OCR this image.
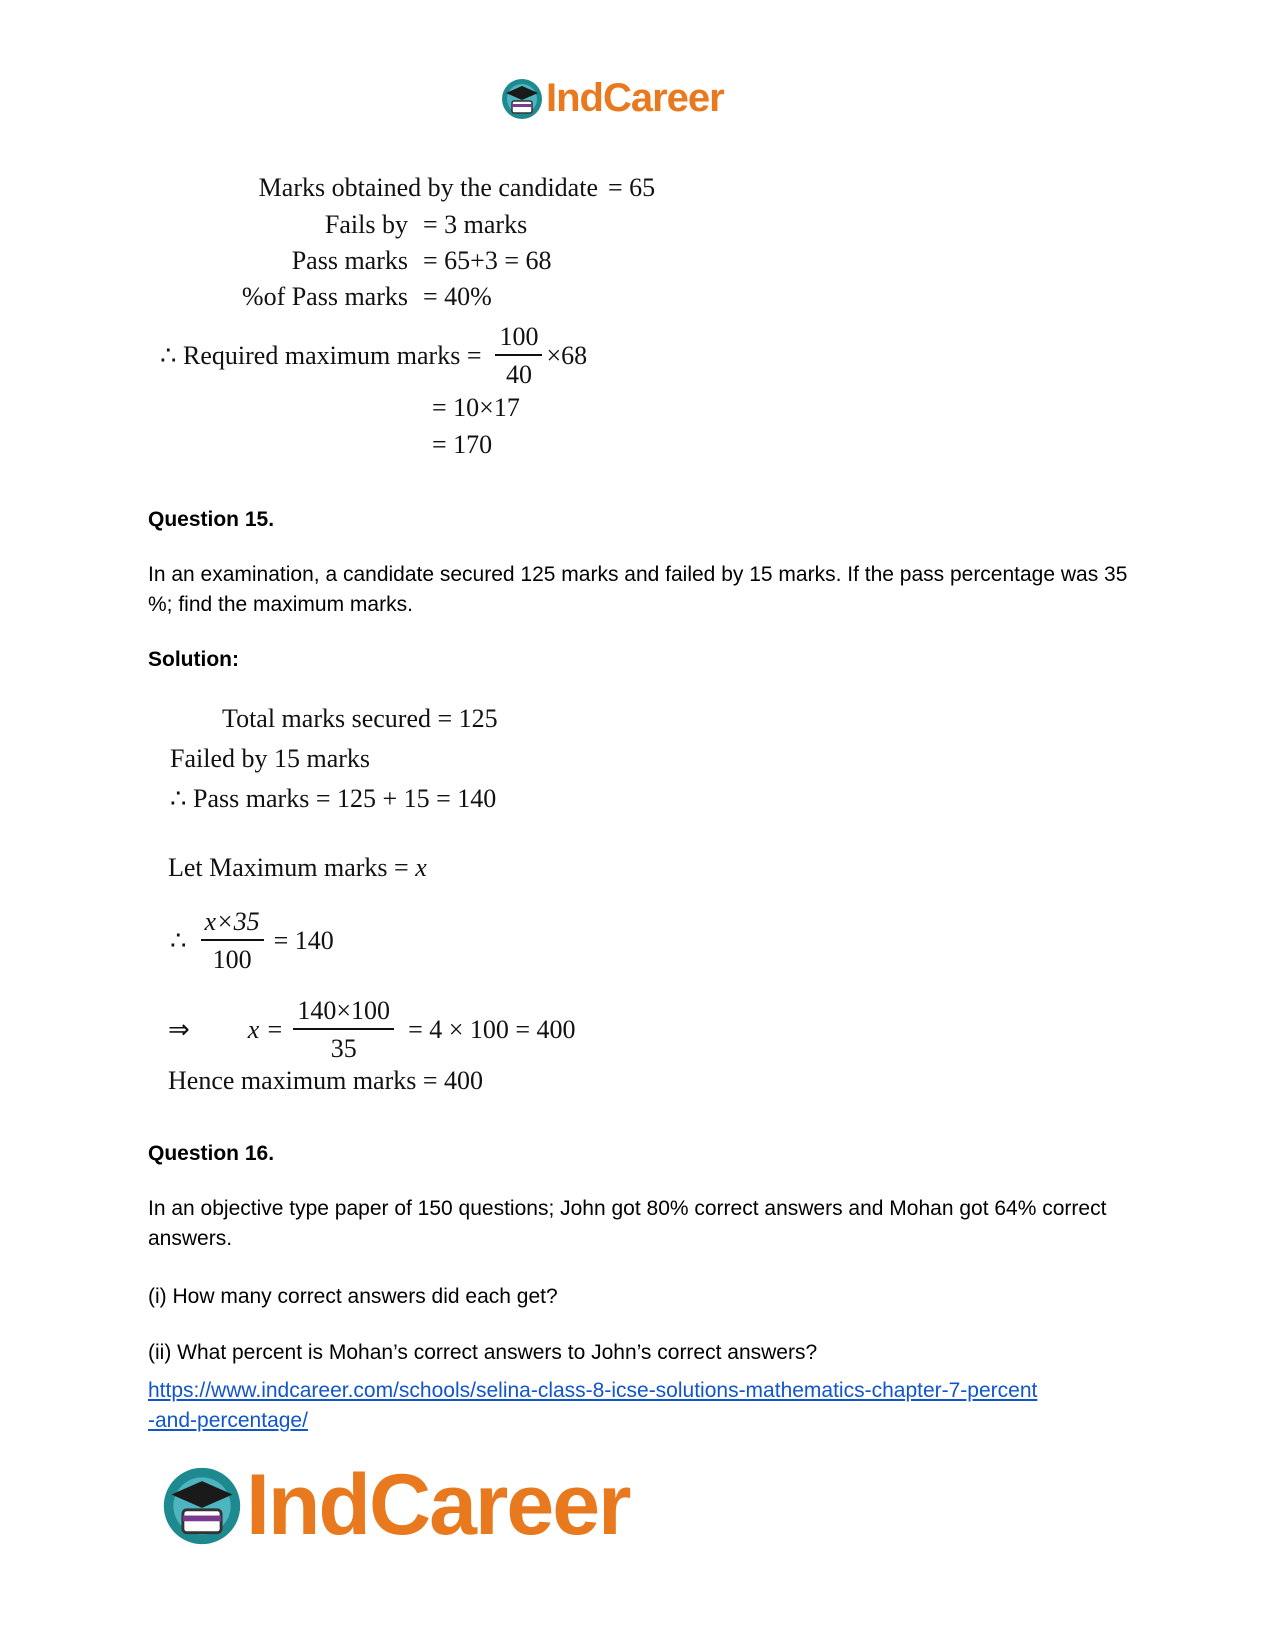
IndCareer
Marks obtained by the candidate = 65
Fails by = 3 marks
Pass marks = 65+3 = 68
%of Pass marks = 40%
∴ Required maximum marks = $\frac{100}{40} \times 68$
= 10×17
= 170
Question 15.
In an examination, a candidate secured 125 marks and failed by 15 marks. If the pass percentage was 35 %; find the maximum marks.
Solution:
Total marks secured = 125
Failed by 15 marks
∴ Pass marks = 125 + 15 = 140
Let Maximum marks = x
∴ $\frac{x\times 35}{100} = 140$
⇒ $x = \frac{140\times 100}{35} = 4 \times 100 = 400$
Hence maximum marks = 400
Question 16.
In an objective type paper of 150 questions; John got 80% correct answers and Mohan got 64% correct answers.
(i) How many correct answers did each get?
(ii) What percent is Mohan’s correct answers to John’s correct answers?
https://www.indcareer.com/schools/selina-class-8-icse-solutions-mathematics-chapter-7-percent
-and-percentage/
IndCareer
